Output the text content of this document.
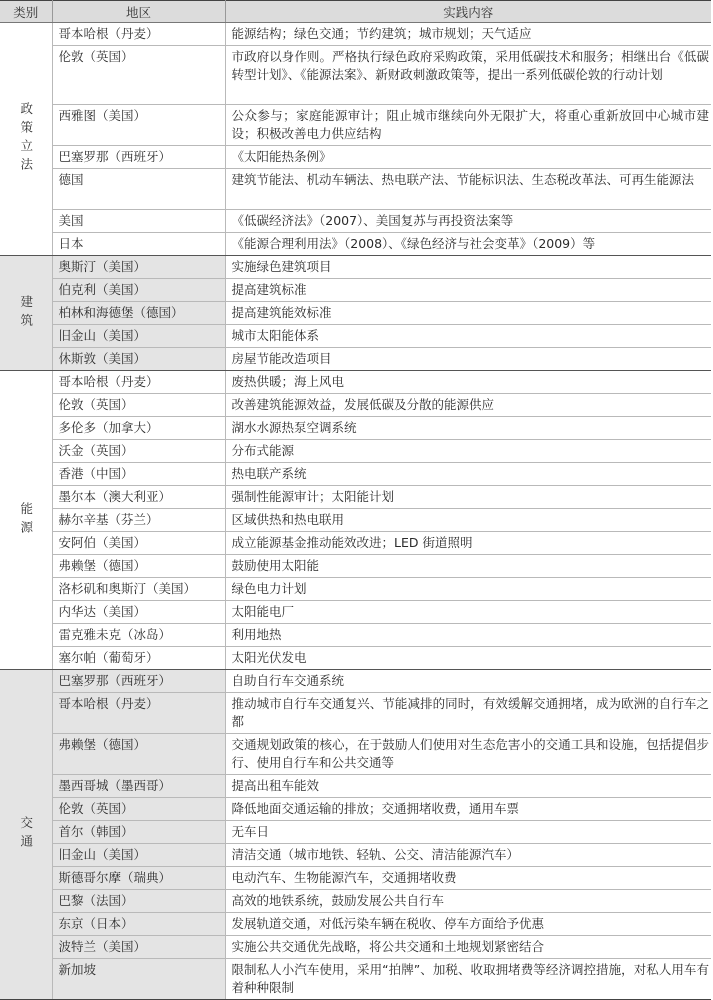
类别	地区	实践内容
政策立法	哥本哈根（丹麦）	能源结构；绿色交通；节约建筑；城市规划；天气适应
	伦敦（英国）	市政府以身作则。严格执行绿色政府采购政策，采用低碳技术和服务；相继出台《低碳转型计划》、《能源法案》、新财政刺激政策等，提出一系列低碳伦敦的行动计划
	西雅图（美国）	公众参与；家庭能源审计；阻止城市继续向外无限扩大，将重心重新放回中心城市建设；积极改善电力供应结构
	巴塞罗那（西班牙）	《太阳能热条例》
	德国	建筑节能法、机动车辆法、热电联产法、节能标识法、生态税改革法、可再生能源法
	美国	《低碳经济法》（2007）、美国复苏与再投资法案等
	日本	《能源合理利用法》（2008）、《绿色经济与社会变革》（2009）等
建筑	奥斯汀（美国）	实施绿色建筑项目
	伯克利（美国）	提高建筑标准
	柏林和海德堡（德国）	提高建筑能效标准
	旧金山（美国）	城市太阳能体系
	休斯敦（美国）	房屋节能改造项目
能源	哥本哈根（丹麦）	废热供暖；海上风电
	伦敦（英国）	改善建筑能源效益，发展低碳及分散的能源供应
	多伦多（加拿大）	湖水水源热泵空调系统
	沃金（英国）	分布式能源
	香港（中国）	热电联产系统
	墨尔本（澳大利亚）	强制性能源审计；太阳能计划
	赫尔辛基（芬兰）	区域供热和热电联用
	安阿伯（美国）	成立能源基金推动能效改进；LED 街道照明
	弗赖堡（德国）	鼓励使用太阳能
	洛杉矶和奥斯汀（美国）	绿色电力计划
	内华达（美国）	太阳能电厂
	雷克雅未克（冰岛）	利用地热
	塞尔帕（葡萄牙）	太阳光伏发电
交通	巴塞罗那（西班牙）	自助自行车交通系统
	哥本哈根（丹麦）	推动城市自行车交通复兴、节能减排的同时，有效缓解交通拥堵，成为欧洲的自行车之都
	弗赖堡（德国）	交通规划政策的核心，在于鼓励人们使用对生态危害小的交通工具和设施，包括提倡步行、使用自行车和公共交通等
	墨西哥城（墨西哥）	提高出租车能效
	伦敦（英国）	降低地面交通运输的排放；交通拥堵收费，通用车票
	首尔（韩国）	无车日
	旧金山（美国）	清洁交通（城市地铁、轻轨、公交、清洁能源汽车）
	斯德哥尔摩（瑞典）	电动汽车、生物能源汽车，交通拥堵收费
	巴黎（法国）	高效的地铁系统，鼓励发展公共自行车
	东京（日本）	发展轨道交通，对低污染车辆在税收、停车方面给予优惠
	波特兰（美国）	实施公共交通优先战略，将公共交通和土地规划紧密结合
	新加坡	限制私人小汽车使用，采用“拍牌”、加税、收取拥堵费等经济调控措施，对私人用车有着种种限制
